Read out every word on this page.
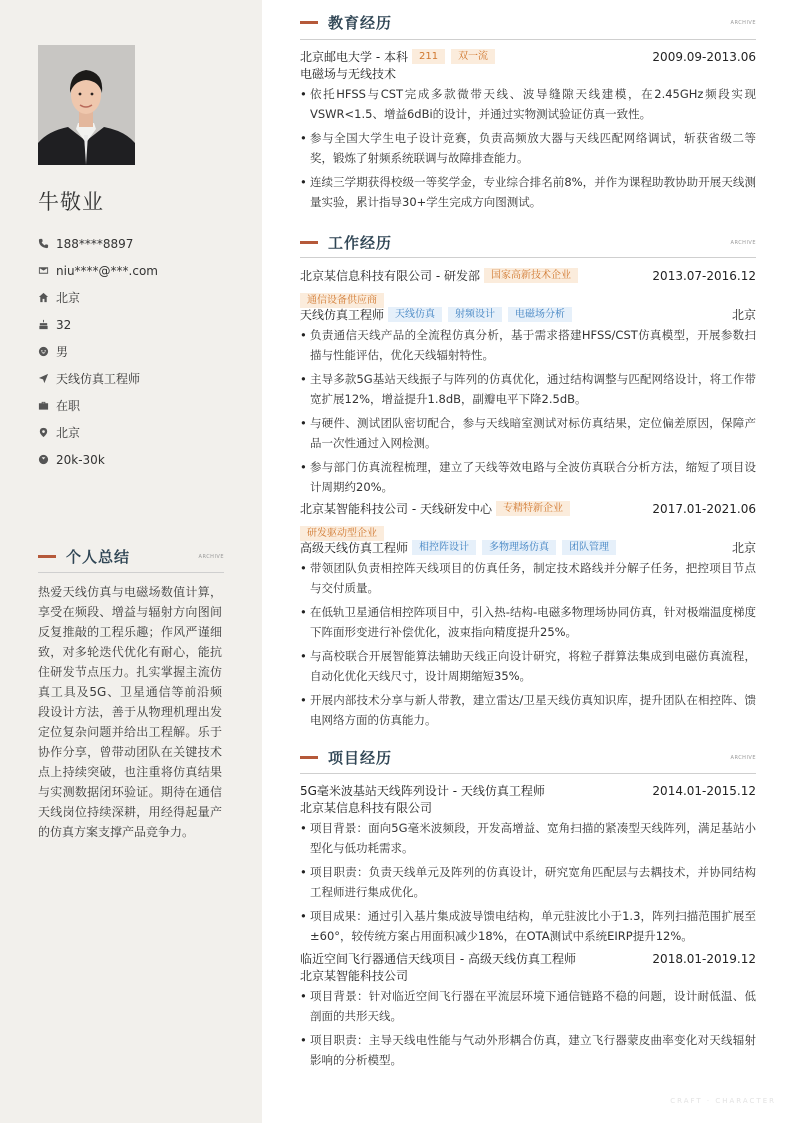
牛敬业
188****8897
niu****@***.com
北京
32
男
天线仿真工程师
在职
北京
20k-30k
个人总结	ARCHIVE
热爱天线仿真与电磁场数值计算，享受在频段、增益与辐射方向图间反复推敲的工程乐趣；作风严谨细致，对多轮迭代优化有耐心，能抗住研发节点压力。扎实掌握主流仿真工具及5G、卫星通信等前沿频段设计方法，善于从物理机理出发定位复杂问题并给出工程解。乐于协作分享，曾带动团队在关键技术点上持续突破，也注重将仿真结果与实测数据闭环验证。期待在通信天线岗位持续深耕，用经得起量产的仿真方案支撑产品竞争力。
教育经历	ARCHIVE
北京邮电大学 - 本科	211	双一流	2009.09-2013.06
电磁场与无线技术
• 依托HFSS与CST完成多款微带天线、波导缝隙天线建模，在2.45GHz频段实现VSWR<1.5、增益6dBi的设计，并通过实物测试验证仿真一致性。
• 参与全国大学生电子设计竞赛，负责高频放大器与天线匹配网络调试，斩获省级二等奖，锻炼了射频系统联调与故障排查能力。
• 连续三学期获得校级一等奖学金，专业综合排名前8%，并作为课程助教协助开展天线测量实验，累计指导30+学生完成方向图测试。
工作经历	ARCHIVE
北京某信息科技有限公司 - 研发部	国家高新技术企业	2013.07-2016.12
通信设备供应商
天线仿真工程师	天线仿真	射频设计	电磁场分析	北京
• 负责通信天线产品的全流程仿真分析，基于需求搭建HFSS/CST仿真模型，开展参数扫描与性能评估，优化天线辐射特性。
• 主导多款5G基站天线振子与阵列的仿真优化，通过结构调整与匹配网络设计，将工作带宽扩展12%，增益提升1.8dB，副瓣电平下降2.5dB。
• 与硬件、测试团队密切配合，参与天线暗室测试对标仿真结果，定位偏差原因，保障产品一次性通过入网检测。
• 参与部门仿真流程梳理，建立了天线等效电路与全波仿真联合分析方法，缩短了项目设计周期约20%。
北京某智能科技公司 - 天线研发中心	专精特新企业	2017.01-2021.06
研发驱动型企业
高级天线仿真工程师	相控阵设计	多物理场仿真	团队管理	北京
• 带领团队负责相控阵天线项目的仿真任务，制定技术路线并分解子任务，把控项目节点与交付质量。
• 在低轨卫星通信相控阵项目中，引入热-结构-电磁多物理场协同仿真，针对极端温度梯度下阵面形变进行补偿优化，波束指向精度提升25%。
• 与高校联合开展智能算法辅助天线正向设计研究，将粒子群算法集成到电磁仿真流程，自动化优化天线尺寸，设计周期缩短35%。
• 开展内部技术分享与新人带教，建立雷达/卫星天线仿真知识库，提升团队在相控阵、馈电网络方面的仿真能力。
项目经历	ARCHIVE
5G毫米波基站天线阵列设计 - 天线仿真工程师	2014.01-2015.12
北京某信息科技有限公司
• 项目背景：面向5G毫米波频段，开发高增益、宽角扫描的紧凑型天线阵列，满足基站小型化与低功耗需求。
• 项目职责：负责天线单元及阵列的仿真设计，研究宽角匹配层与去耦技术，并协同结构工程师进行集成优化。
• 项目成果：通过引入基片集成波导馈电结构，单元驻波比小于1.3，阵列扫描范围扩展至±60°，较传统方案占用面积减少18%，在OTA测试中系统EIRP提升12%。
临近空间飞行器通信天线项目 - 高级天线仿真工程师	2018.01-2019.12
北京某智能科技公司
• 项目背景：针对临近空间飞行器在平流层环境下通信链路不稳的问题，设计耐低温、低剖面的共形天线。
• 项目职责：主导天线电性能与气动外形耦合仿真，建立飞行器蒙皮曲率变化对天线辐射影响的分析模型。
CRAFT · CHARACTER
